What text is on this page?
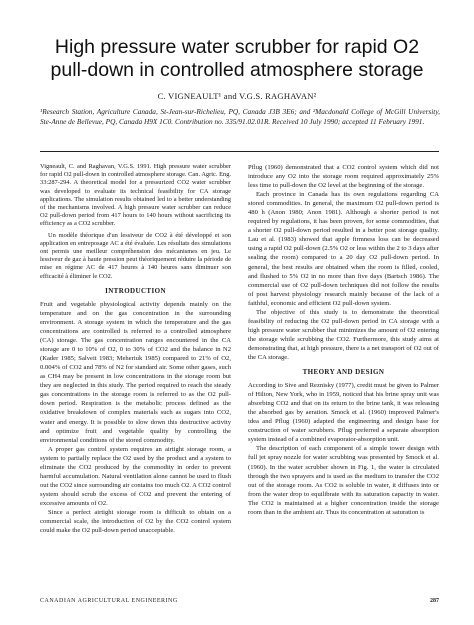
High pressure water scrubber for rapid O2
pull-down in controlled atmosphere storage
C. VIGNEAULT¹ and V.G.S. RAGHAVAN²
¹Research Station, Agriculture Canada, St-Jean-sur-Richelieu, PQ, Canada J3B 3E6; and ²Macdonald College of McGill University, Ste-Anne de Bellevue, PQ, Canada H9X 1C0. Contribution no. 335/91.02.01R. Received 10 July 1990; accepted 11 February 1991.

Vigneault, C. and Raghavan, V.G.S. 1991. High pressure water scrubber for rapid O2 pull-down in controlled atmosphere storage. Can. Agric. Eng. 33:287-294. A theoretical model for a pressurized CO2 water scrubber was developed to evaluate its technical feasibility for CA storage applications. The simulation results obtained led to a better understanding of the mechanisms involved. A high pressure water scrubber can reduce O2 pull-down period from 417 hours to 140 hours without sacrificing its efficiency as a CO2 scrubber.

Un modèle théorique d'un lessiveur de CO2 à été développé et son application en entreposage AC a été évaluée. Les résultats des simulations ont permis une meilleur compréhension des mécanismes en jeu. Le lessiveur de gaz à haute pression peut théoriquement réduire la période de mise en régime AC de 417 heures à 140 heures sans diminuer son efficacité à éliminer le CO2.

INTRODUCTION

Fruit and vegetable physiological activity depends mainly on the temperature and on the gas concentration in the surrounding environment. A storage system in which the temperature and the gas concentrations are controlled is referred to a controlled atmosphere (CA) storage. The gas concentration ranges encountered in the CA storage are 0 to 10% of O2, 0 to 30% of CO2 and the balance in N2 (Kader 1985; Salveit 1983; Meheriuk 1985) compared to 21% of O2, 0.004% of CO2 and 78% of N2 for standard air. Some other gases, such as CH4 may be present in low concentrations in the storage room but they are neglected in this study. The period required to reach the steady gas concentrations in the storage room is referred to as the O2 pull-down period. Respiration is the metabolic process defined as the oxidative breakdown of complex materials such as sugars into CO2, water and energy. It is possible to slow down this destructive activity and optimize fruit and vegetable quality by controlling the environmental conditions of the stored commodity.

A proper gas control system requires an airtight storage room, a system to partially replace the O2 used by the product and a system to eliminate the CO2 produced by the commodity in order to prevent harmful accumulation. Natural ventilation alone cannot be used to flush out the CO2 since surrounding air contains too much O2. A CO2 control system should scrub the excess of CO2 and prevent the entering of excessive amounts of O2.

Since a perfect airtight storage room is difficult to obtain on a commercial scale, the introduction of O2 by the CO2 control system could make the O2 pull-down period unacceptable.

Pflug (1960) demonstrated that a CO2 control system which did not introduce any O2 into the storage room required approximately 25% less time to pull-down the O2 level at the beginning of the storage.

Each province in Canada has its own regulations regarding CA stored commodities. In general, the maximum O2 pull-down period is 480 h (Anon 1980; Anon 1981). Although a shorter period is not required by regulations, it has been proven, for some commodities, that a shorter O2 pull-down period resulted in a better post storage quality. Lau et al. (1983) showed that apple firmness loss can be decreased using a rapid O2 pull-down (2.5% O2 or less within the 2 to 3 days after sealing the room) compared to a 20 day O2 pull-down period. In general, the best results are obtained when the room is filled, cooled, and flushed to 5% O2 in no more than five days (Bartsch 1986). The commercial use of O2 pull-down techniques did not follow the results of post harvest physiology research mainly because of the lack of a faithful, economic and efficient O2 pull-down system.

The objective of this study is to demonstrate the theoretical feasibility of reducing the O2 pull-down period in CA storage with a high pressure water scrubber that minimizes the amount of O2 entering the storage while scrubbing the CO2. Furthermore, this study aims at demonstrating that, at high pressure, there is a net transport of O2 out of the CA storage.

THEORY AND DESIGN

According to Sive and Reznisky (1977), credit must be given to Palmer of Hilton, New York, who in 1959, noticed that his brine spray unit was absorbing CO2 and that on its return to the brine tank, it was releasing the absorbed gas by aeration. Smock et al. (1960) improved Palmer's idea and Pflug (1960) adapted the engineering and design base for construction of water scrubbers. Pflug preferred a separate absorption system instead of a combined evaporator-absorption unit.

The description of each component of a simple tower design with full jet spray nozzle for water scrubbing was presented by Smock et al. (1960). In the water scrubber shown in Fig. 1, the water is circulated through the two sprayers and is used as the medium to transfer the CO2 out of the storage room. As CO2 is soluble in water, it diffuses into or from the water drop to equilibrate with its saturation capacity in water. The CO2 is maintained at a higher concentration inside the storage room than in the ambient air. Thus its concentration at saturation is

CANADIAN AGRICULTURAL ENGINEERING	287
